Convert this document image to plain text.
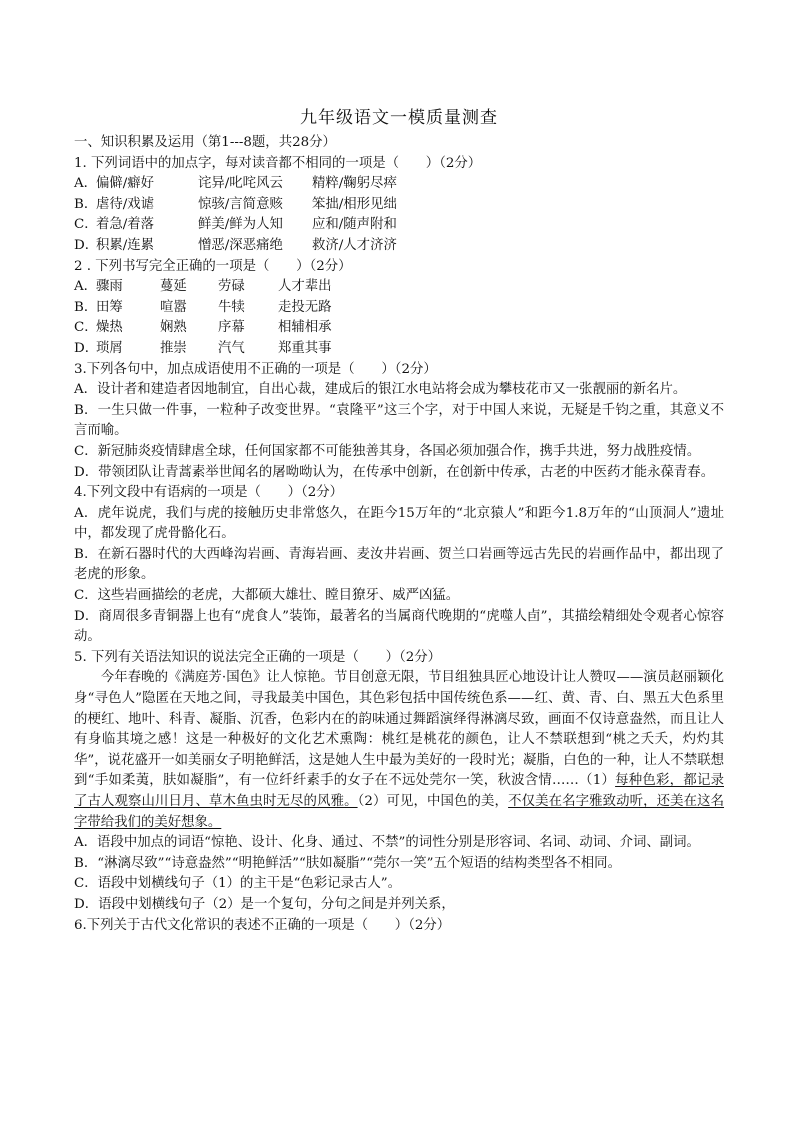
九年级语文一模质量测查
一、知识积累及运用（第1---8题，共28分）
1. 下列词语中的加点字，每对读音都不相同的一项是（　　）（2分）
A．
偏僻/癖好	诧异/叱咤风云	精粹/鞠躬尽瘁
B．
虐待/戏谑	惊骇/言简意赅	笨拙/相形见绌
C．
着急/着落	鲜美/鲜为人知	应和/随声附和
D．
积累/连累	憎恶/深恶痛绝	救济/人才济济
2 . 下列书写完全正确的一项是（　　）（2分）
A．
骤雨	蔓延	劳碌	人才辈出
B．
田筹	喧嚣	牛犊	走投无路
C．
燥热	娴熟	序幕	相辅相承
D．
琐屑	推崇	汽气	郑重其事
3.下列各句中，加点成语使用不正确的一项是（　　）（2分）
A．设计者和建造者因地制宜，自出心裁，建成后的银江水电站将会成为攀枝花市又一张靓丽的新名片。
B．一生只做一件事，一粒种子改变世界。“袁隆平”这三个字，对于中国人来说，无疑是千钧之重，其意义不言而喻。
C．新冠肺炎疫情肆虐全球，任何国家都不可能独善其身，各国必须加强合作，携手共进，努力战胜疫情。
D．带领团队让青蒿素举世闻名的屠呦呦认为，在传承中创新，在创新中传承，古老的中医药才能永葆青春。
4.下列文段中有语病的一项是（　　）（2分）
A．虎年说虎，我们与虎的接触历史非常悠久，在距今15万年的“北京猿人”和距今1.8万年的“山顶洞人”遗址中，都发现了虎骨骼化石。
B．在新石器时代的大西峰沟岩画、青海岩画、麦汝井岩画、贺兰口岩画等远古先民的岩画作品中，都出现了老虎的形象。
C．这些岩画描绘的老虎，大都硕大雄壮、瞠目獠牙、威严凶猛。
D．商周很多青铜器上也有“虎食人”装饰，最著名的当属商代晚期的“虎噬人卣”，其描绘精细处令观者心惊容动。
5. 下列有关语法知识的说法完全正确的一项是（　　）（2分）
今年春晚的《满庭芳·国色》让人惊艳。节目创意无限，节目组独具匠心地设计让人赞叹——演员赵丽颖化身“寻色人”隐匿在天地之间，寻我最美中国色，其色彩包括中国传统色系——红、黄、青、白、黑五大色系里的梗红、地叶、科青、凝脂、沉香，色彩内在的韵味通过舞蹈演绎得淋漓尽致，画面不仅诗意盎然，而且让人有身临其境之感！这是一种极好的文化艺术熏陶：桃红是桃花的颜色，让人不禁联想到“桃之夭夭，灼灼其华”，说花盛开一如美丽女子明艳鲜活，这是她人生中最为美好的一段时光；凝脂，白色的一种，让人不禁联想到“手如柔荑，肤如凝脂”，有一位纤纤素手的女子在不远处莞尔一笑，秋波含情……（1）每种色彩，都记录了古人观察山川日月、草木鱼虫时无尽的风雅。（2）可见，中国色的美，不仅美在名字雅致动听，还美在这名字带给我们的美好想象。
A．语段中加点的词语“惊艳、设计、化身、通过、不禁”的词性分别是形容词、名词、动词、介词、副词。
B．“淋漓尽致”“诗意盎然”“明艳鲜活”“肤如凝脂”“莞尔一笑”五个短语的结构类型各不相同。
C．语段中划横线句子（1）的主干是“色彩记录古人”。
D．语段中划横线句子（2）是一个复句，分句之间是并列关系，
6.下列关于古代文化常识的表述不正确的一项是（　　）（2分）
